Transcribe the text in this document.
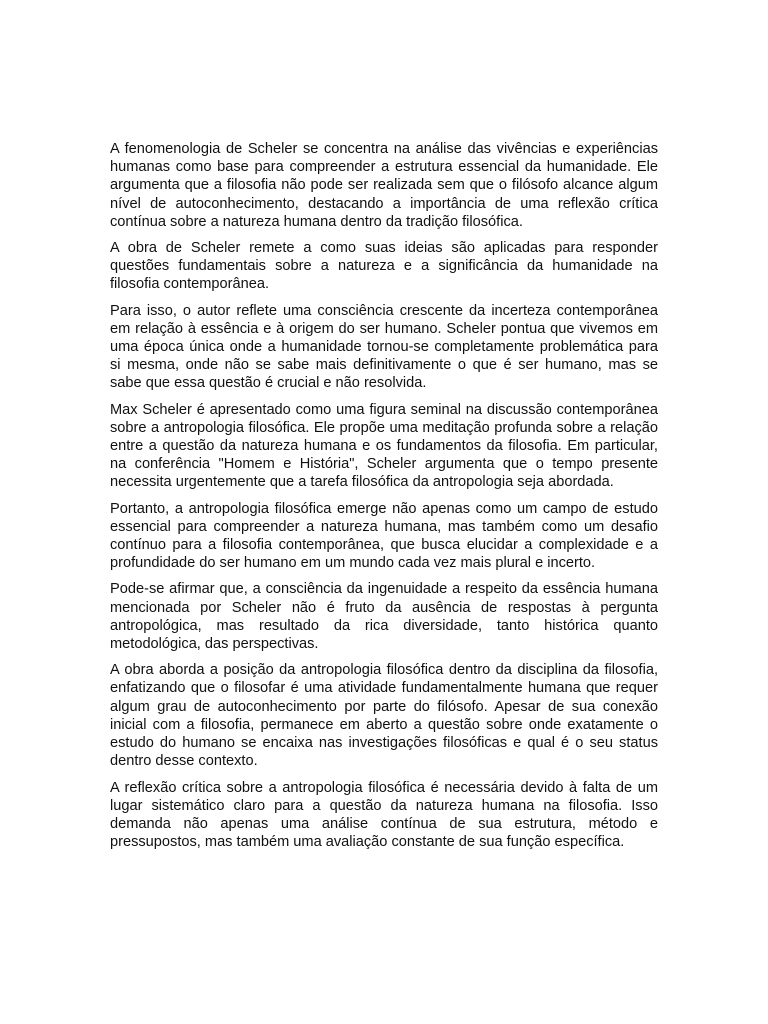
A fenomenologia de Scheler se concentra na análise das vivências e experiências humanas como base para compreender a estrutura essencial da humanidade. Ele argumenta que a filosofia não pode ser realizada sem que o filósofo alcance algum nível de autoconhecimento, destacando a importância de uma reflexão crítica contínua sobre a natureza humana dentro da tradição filosófica.

A obra de Scheler remete a como suas ideias são aplicadas para responder questões fundamentais sobre a natureza e a significância da humanidade na filosofia contemporânea.

Para isso, o autor reflete uma consciência crescente da incerteza contemporânea em relação à essência e à origem do ser humano. Scheler pontua que vivemos em uma época única onde a humanidade tornou-se completamente problemática para si mesma, onde não se sabe mais definitivamente o que é ser humano, mas se sabe que essa questão é crucial e não resolvida.

Max Scheler é apresentado como uma figura seminal na discussão contemporânea sobre a antropologia filosófica. Ele propõe uma meditação profunda sobre a relação entre a questão da natureza humana e os fundamentos da filosofia. Em particular, na conferência "Homem e História", Scheler argumenta que o tempo presente necessita urgentemente que a tarefa filosófica da antropologia seja abordada.

Portanto, a antropologia filosófica emerge não apenas como um campo de estudo essencial para compreender a natureza humana, mas também como um desafio contínuo para a filosofia contemporânea, que busca elucidar a complexidade e a profundidade do ser humano em um mundo cada vez mais plural e incerto.

Pode-se afirmar que, a consciência da ingenuidade a respeito da essência humana mencionada por Scheler não é fruto da ausência de respostas à pergunta antropológica, mas resultado da rica diversidade, tanto histórica quanto metodológica, das perspectivas.

A obra aborda a posição da antropologia filosófica dentro da disciplina da filosofia, enfatizando que o filosofar é uma atividade fundamentalmente humana que requer algum grau de autoconhecimento por parte do filósofo. Apesar de sua conexão inicial com a filosofia, permanece em aberto a questão sobre onde exatamente o estudo do humano se encaixa nas investigações filosóficas e qual é o seu status dentro desse contexto.

A reflexão crítica sobre a antropologia filosófica é necessária devido à falta de um lugar sistemático claro para a questão da natureza humana na filosofia. Isso demanda não apenas uma análise contínua de sua estrutura, método e pressupostos, mas também uma avaliação constante de sua função específica.
